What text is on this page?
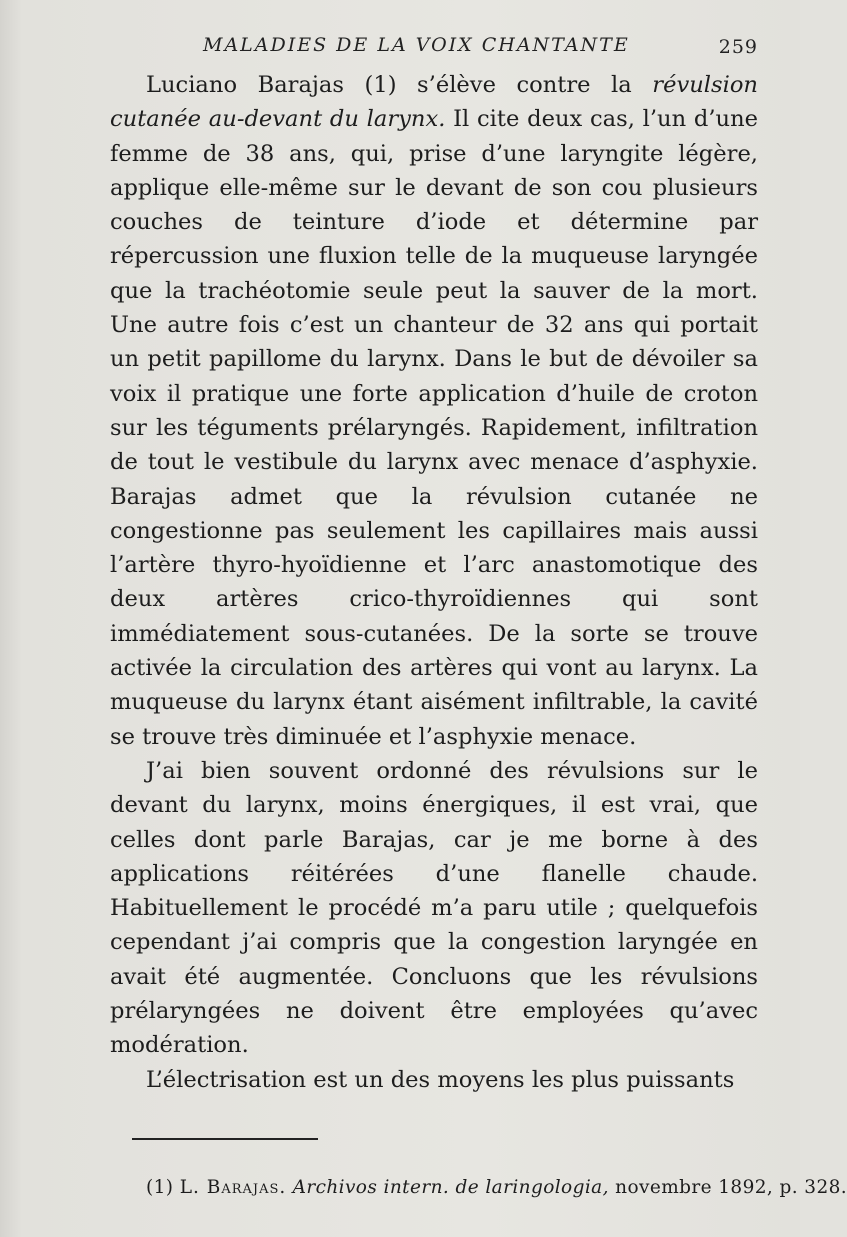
MALADIES DE LA VOIX CHANTANTE	259

Luciano Barajas (1) s’élève contre la révulsion cutanée au-devant du larynx. Il cite deux cas, l’un d’une femme de 38 ans, qui, prise d’une laryngite légère, applique elle-même sur le devant de son cou plusieurs couches de teinture d’iode et détermine par répercussion une fluxion telle de la muqueuse laryngée que la trachéotomie seule peut la sauver de la mort. Une autre fois c’est un chanteur de 32 ans qui portait un petit papillome du larynx. Dans le but de dévoiler sa voix il pratique une forte application d’huile de croton sur les téguments prélaryngés. Rapidement, infiltration de tout le vestibule du larynx avec menace d’asphyxie. Barajas admet que la révulsion cutanée ne congestionne pas seulement les capillaires mais aussi l’artère thyro-hyoïdienne et l’arc anastomotique des deux artères crico-thyroïdiennes qui sont immédiatement sous-cutanées. De la sorte se trouve activée la circulation des artères qui vont au larynx. La muqueuse du larynx étant aisément infiltrable, la cavité se trouve très diminuée et l’asphyxie menace.

J’ai bien souvent ordonné des révulsions sur le devant du larynx, moins énergiques, il est vrai, que celles dont parle Barajas, car je me borne à des applications réitérées d’une flanelle chaude. Habituellement le procédé m’a paru utile ; quelquefois cependant j’ai compris que la congestion laryngée en avait été augmentée. Concluons que les révulsions prélaryngées ne doivent être employées qu’avec modération.

L’électrisation est un des moyens les plus puissants

(1) L. Barajas. Archivos intern. de laringologia, novembre 1892, p. 328.
